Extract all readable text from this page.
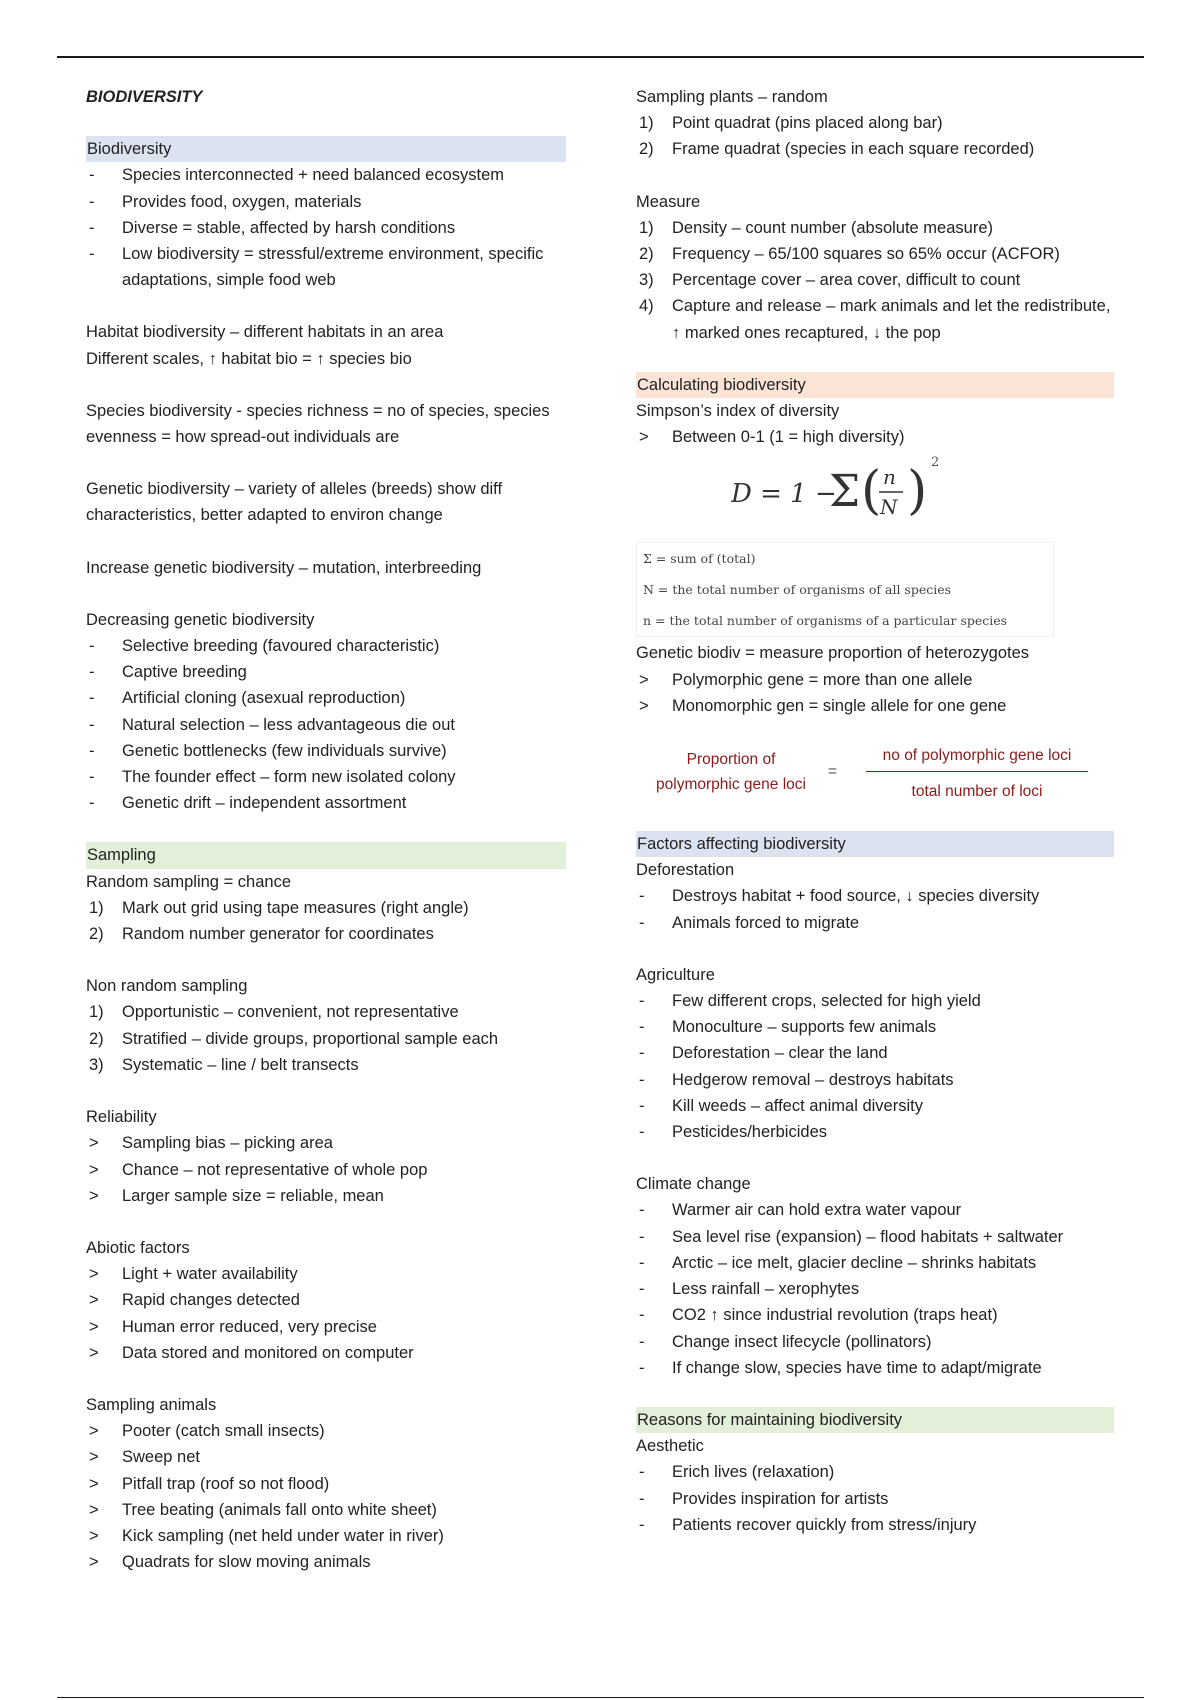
BIODIVERSITY
Biodiversity
-	Species interconnected + need balanced ecosystem
-	Provides food, oxygen, materials
-	Diverse = stable, affected by harsh conditions
-	Low biodiversity = stressful/extreme environment, specific adaptations, simple food web
Habitat biodiversity – different habitats in an area
Different scales, ↑ habitat bio = ↑ species bio
Species biodiversity - species richness = no of species, species evenness = how spread-out individuals are
Genetic biodiversity – variety of alleles (breeds) show diff characteristics, better adapted to environ change
Increase genetic biodiversity – mutation, interbreeding
Decreasing genetic biodiversity
-	Selective breeding (favoured characteristic)
-	Captive breeding
-	Artificial cloning (asexual reproduction)
-	Natural selection – less advantageous die out
-	Genetic bottlenecks (few individuals survive)
-	The founder effect – form new isolated colony
-	Genetic drift – independent assortment
Sampling
Random sampling = chance
1)	Mark out grid using tape measures (right angle)
2)	Random number generator for coordinates
Non random sampling
1)	Opportunistic – convenient, not representative
2)	Stratified – divide groups, proportional sample each
3)	Systematic – line / belt transects
Reliability
>	Sampling bias – picking area
>	Chance – not representative of whole pop
>	Larger sample size = reliable, mean
Abiotic factors
>	Light + water availability
>	Rapid changes detected
>	Human error reduced, very precise
>	Data stored and monitored on computer
Sampling animals
>	Pooter (catch small insects)
>	Sweep net
>	Pitfall trap (roof so not flood)
>	Tree beating (animals fall onto white sheet)
>	Kick sampling (net held under water in river)
>	Quadrats for slow moving animals
Sampling plants – random
1)	Point quadrat (pins placed along bar)
2)	Frame quadrat (species in each square recorded)
Measure
1)	Density – count number (absolute measure)
2)	Frequency – 65/100 squares so 65% occur (ACFOR)
3)	Percentage cover – area cover, difficult to count
4)	Capture and release – mark animals and let the redistribute, ↑ marked ones recaptured, ↓ the pop
Calculating biodiversity
Simpson’s index of diversity
>	Between 0-1 (1 = high diversity)
D = 1 −
Σ ( n
N ) 2
Σ = sum of (total)
N = the total number of organisms of all species
n = the total number of organisms of a particular species
Genetic biodiv = measure proportion of heterozygotes
>	Polymorphic gene = more than one allele
>	Monomorphic gen = single allele for one gene
Proportion of
polymorphic gene loci
=
no of polymorphic gene loci
total number of loci
Factors affecting biodiversity
Deforestation
-	Destroys habitat + food source, ↓ species diversity
-	Animals forced to migrate
Agriculture
-	Few different crops, selected for high yield
-	Monoculture – supports few animals
-	Deforestation – clear the land
-	Hedgerow removal – destroys habitats
-	Kill weeds – affect animal diversity
-	Pesticides/herbicides
Climate change
-	Warmer air can hold extra water vapour
-	Sea level rise (expansion) – flood habitats + saltwater
-	Arctic – ice melt, glacier decline – shrinks habitats
-	Less rainfall – xerophytes
-	CO2 ↑ since industrial revolution (traps heat)
-	Change insect lifecycle (pollinators)
-	If change slow, species have time to adapt/migrate
Reasons for maintaining biodiversity
Aesthetic
-	Erich lives (relaxation)
-	Provides inspiration for artists
-	Patients recover quickly from stress/injury
